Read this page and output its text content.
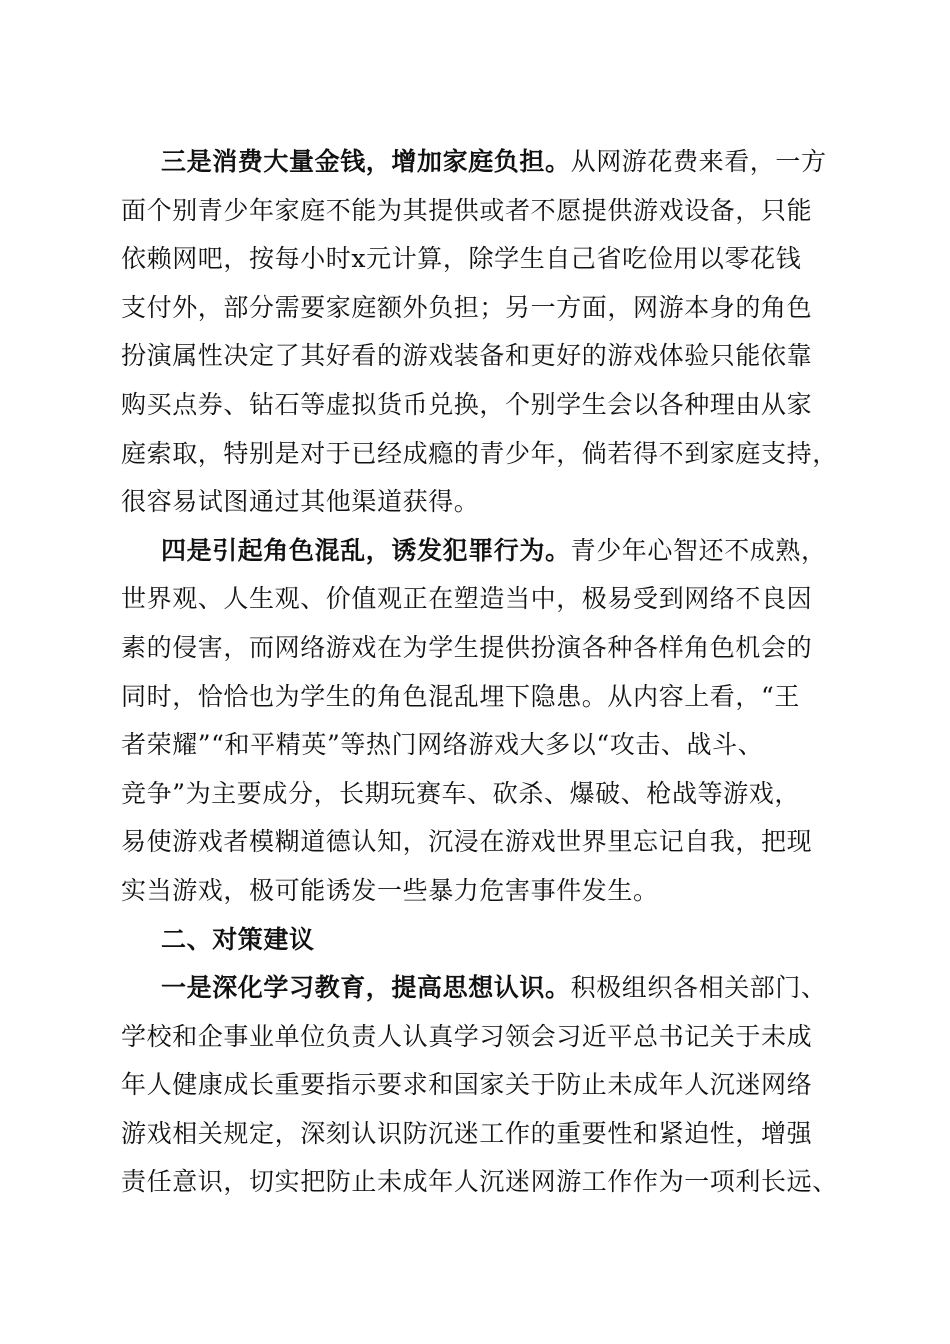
三是消费大量金钱，增加家庭负担。从网游花费来看，一方
面个别青少年家庭不能为其提供或者不愿提供游戏设备，只能
依赖网吧，按每小时x元计算，除学生自己省吃俭用以零花钱
支付外，部分需要家庭额外负担；另一方面，网游本身的角色
扮演属性决定了其好看的游戏装备和更好的游戏体验只能依靠
购买点券、钻石等虚拟货币兑换，个别学生会以各种理由从家
庭索取，特别是对于已经成瘾的青少年，倘若得不到家庭支持，
很容易试图通过其他渠道获得。
四是引起角色混乱，诱发犯罪行为。青少年心智还不成熟，
世界观、人生观、价值观正在塑造当中，极易受到网络不良因
素的侵害，而网络游戏在为学生提供扮演各种各样角色机会的
同时，恰恰也为学生的角色混乱埋下隐患。从内容上看，“王
者荣耀”“和平精英”等热门网络游戏大多以“攻击、战斗、
竞争”为主要成分，长期玩赛车、砍杀、爆破、枪战等游戏，
易使游戏者模糊道德认知，沉浸在游戏世界里忘记自我，把现
实当游戏，极可能诱发一些暴力危害事件发生。
二、对策建议
一是深化学习教育，提高思想认识。积极组织各相关部门、
学校和企事业单位负责人认真学习领会习近平总书记关于未成
年人健康成长重要指示要求和国家关于防止未成年人沉迷网络
游戏相关规定，深刻认识防沉迷工作的重要性和紧迫性，增强
责任意识，切实把防止未成年人沉迷网游工作作为一项利长远、
